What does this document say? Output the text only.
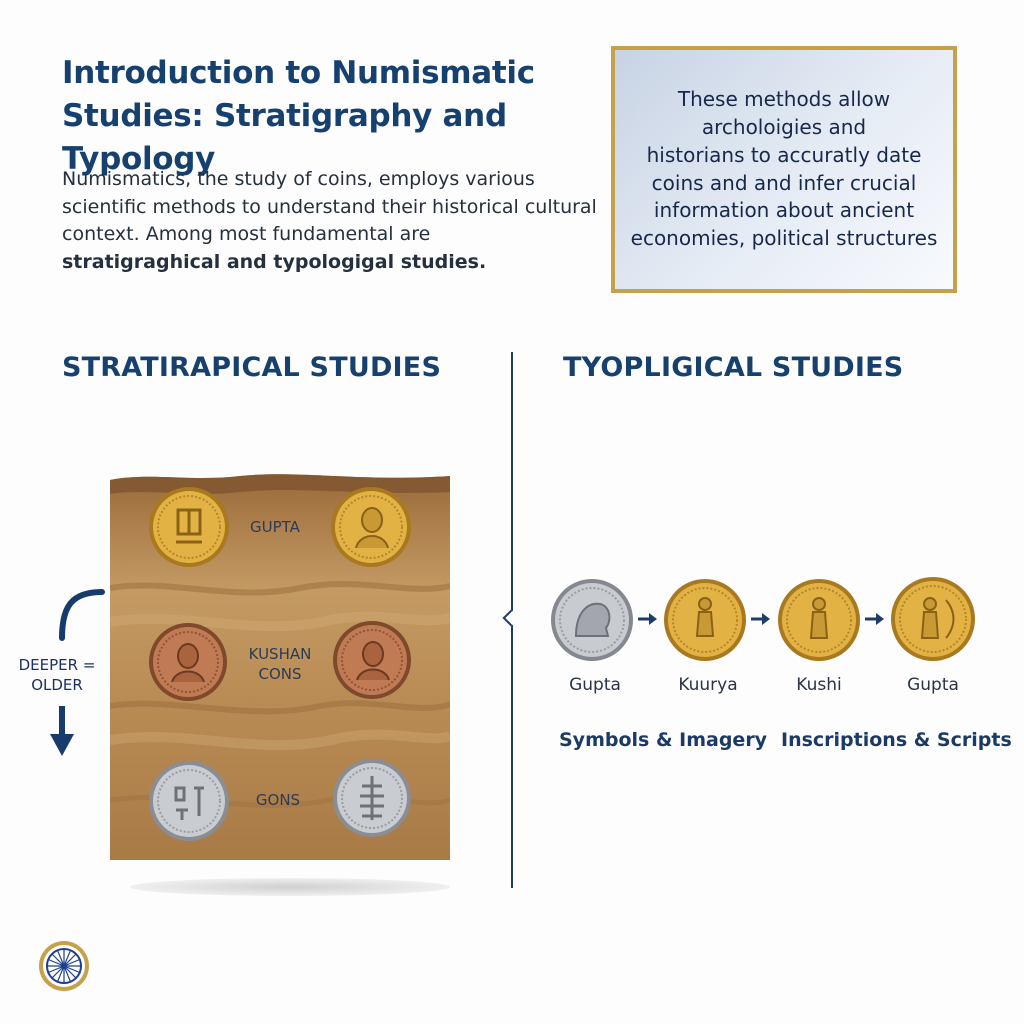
Introduction to Numismatic
Studies: Stratigraphy and Typology
Numismatics, the study of coins, employs various
scientific methods to understand their historical cultural
context. Among most fundamental are
stratigraghical and typologigal studies.
These methods allow
archoloigies and
historians to accuratly date
coins and and infer crucial
information about ancient
economies, political structures
STRATIRAPICAL STUDIES	TYOPLIGICAL STUDIES
GUPTA
KUSHAN
CONS
GONS
DEEPER =
OLDER	Gupta	Kuurya	Kushi	Gupta
Symbols & Imagery Inscriptions & Scripts
